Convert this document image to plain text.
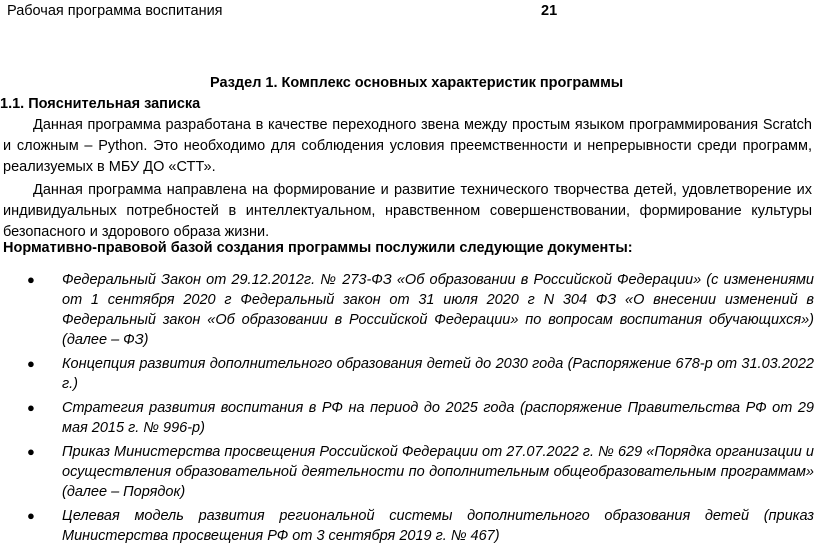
Рабочая программа воспитания	21
Раздел 1. Комплекс основных характеристик программы
1.1. Пояснительная записка

Данная программа разработана в качестве переходного звена между простым языком программирования Scratch и сложным – Python. Это необходимо для соблюдения условия преемственности и непрерывности среди программ, реализуемых в МБУ ДО «СТТ».

Данная программа направлена на формирование и развитие технического творчества детей, удовлетворение их индивидуальных потребностей в интеллектуальном, нравственном совершенствовании, формирование культуры безопасного и здорового образа жизни.

Нормативно-правовой базой создания программы послужили следующие документы:
● Федеральный Закон от 29.12.2012г. № 273-ФЗ «Об образовании в Российской Федерации» (с изменениями от 1 сентября 2020 г Федеральный закон от 31 июля 2020 г N 304 ФЗ «О внесении изменений в Федеральный закон «Об образовании в Российской Федерации» по вопросам воспитания обучающихся») (далее – ФЗ)
● Концепция развития дополнительного образования детей до 2030 года (Распоряжение 678-р от 31.03.2022 г.)
● Стратегия развития воспитания в РФ на период до 2025 года (распоряжение Правительства РФ от 29 мая 2015 г. № 996-р)
● Приказ Министерства просвещения Российской Федерации от 27.07.2022 г. № 629 «Порядка организации и осуществления образовательной деятельности по дополнительным общеобразовательным программам» (далее – Порядок)
● Целевая модель развития региональной системы дополнительного образования детей (приказ Министерства просвещения РФ от 3 сентября 2019 г. № 467)
